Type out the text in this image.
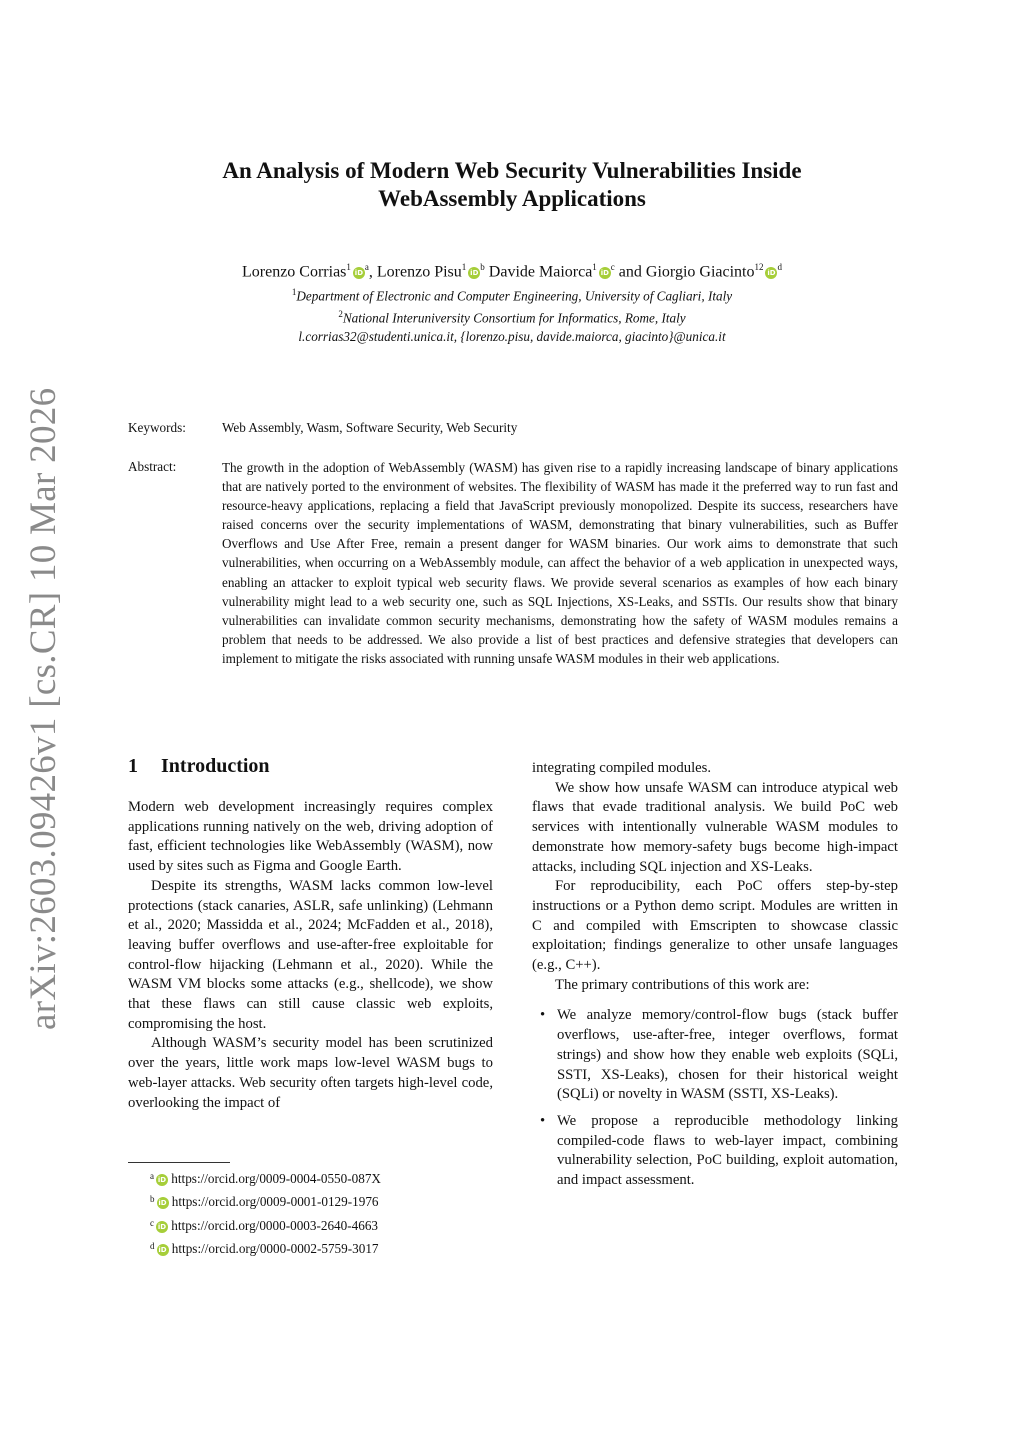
arXiv:2603.09426v1 [cs.CR] 10 Mar 2026
An Analysis of Modern Web Security Vulnerabilities Inside
WebAssembly Applications
Lorenzo $Corrias^1iD^a$, Lorenzo $Pisu^1iD^b$ Davide $Maiorca^1iD^c$ and Giorgio $Giacinto^{12}iD^d$
$^1$Department of Electronic and Computer Engineering, University of Cagliari, Italy
$^2$National Interuniversity Consortium for Informatics, Rome, Italy
l.corrias32@studenti.unica.it, {lorenzo.pisu, davide.maiorca, giacinto}@unica.it
Keywords:	Web Assembly, Wasm, Software Security, Web Security
Abstract:	The growth in the adoption of WebAssembly (WASM) has given rise to a rapidly increasing landscape of binary applications that are natively ported to the environment of websites. The flexibility of WASM has made it the preferred way to run fast and resource-heavy applications, replacing a field that JavaScript previously monopolized. Despite its success, researchers have raised concerns over the security implementations of WASM, demonstrating that binary vulnerabilities, such as Buffer Overflows and Use After Free, remain a present danger for WASM binaries. Our work aims to demonstrate that such vulnerabilities, when occurring on a WebAssembly module, can affect the behavior of a web application in unexpected ways, enabling an attacker to exploit typical web security flaws. We provide several scenarios as examples of how each binary vulnerability might lead to a web security one, such as SQL Injections, XS-Leaks, and SSTIs. Our results show that binary vulnerabilities can invalidate common security mechanisms, demonstrating how the safety of WASM modules remains a problem that needs to be addressed. We also provide a list of best practices and defensive strategies that developers can implement to mitigate the risks associated with running unsafe WASM modules in their web applications.
1 Introduction

Modern web development increasingly requires complex applications running natively on the web, driving adoption of fast, efficient technologies like WebAssembly (WASM), now used by sites such as Figma and Google Earth.

Despite its strengths, WASM lacks common low-level protections (stack canaries, ASLR, safe unlinking) (Lehmann et al., 2020; Massidda et al., 2024; McFadden et al., 2018), leaving buffer overflows and use-after-free exploitable for control-flow hijacking (Lehmann et al., 2020). While the WASM VM blocks some attacks (e.g., shellcode), we show that these flaws can still cause classic web exploits, compromising the host.

Although WASM’s security model has been scrutinized over the years, little work maps low-level WASM bugs to web-layer attacks. Web security often targets high-level code, overlooking the impact of

integrating compiled modules.

We show how unsafe WASM can introduce atypical web flaws that evade traditional analysis. We build PoC web services with intentionally vulnerable WASM modules to demonstrate how memory-safety bugs become high-impact attacks, including SQL injection and XS-Leaks.

For reproducibility, each PoC offers step-by-step instructions or a Python demo script. Modules are written in C and compiled with Emscripten to showcase classic exploitation; findings generalize to other unsafe languages (e.g., C++).

The primary contributions of this work are:

• We analyze memory/control-flow bugs (stack buffer overflows, use-after-free, integer overflows, format strings) and show how they enable web exploits (SQLi, SSTI, XS-Leaks), chosen for their historical weight (SQLi) or novelty in WASM (SSTI, XS-Leaks).
• We propose a reproducible methodology linking compiled-code flaws to web-layer impact, combining vulnerability selection, PoC building, exploit automation, and impact assessment.
$^a$ iD https://orcid.org/0009-0004-0550-087X
$^b$ iD https://orcid.org/0009-0001-0129-1976
$^c$ iD https://orcid.org/0000-0003-2640-4663
$^d$ iD https://orcid.org/0000-0002-5759-3017
